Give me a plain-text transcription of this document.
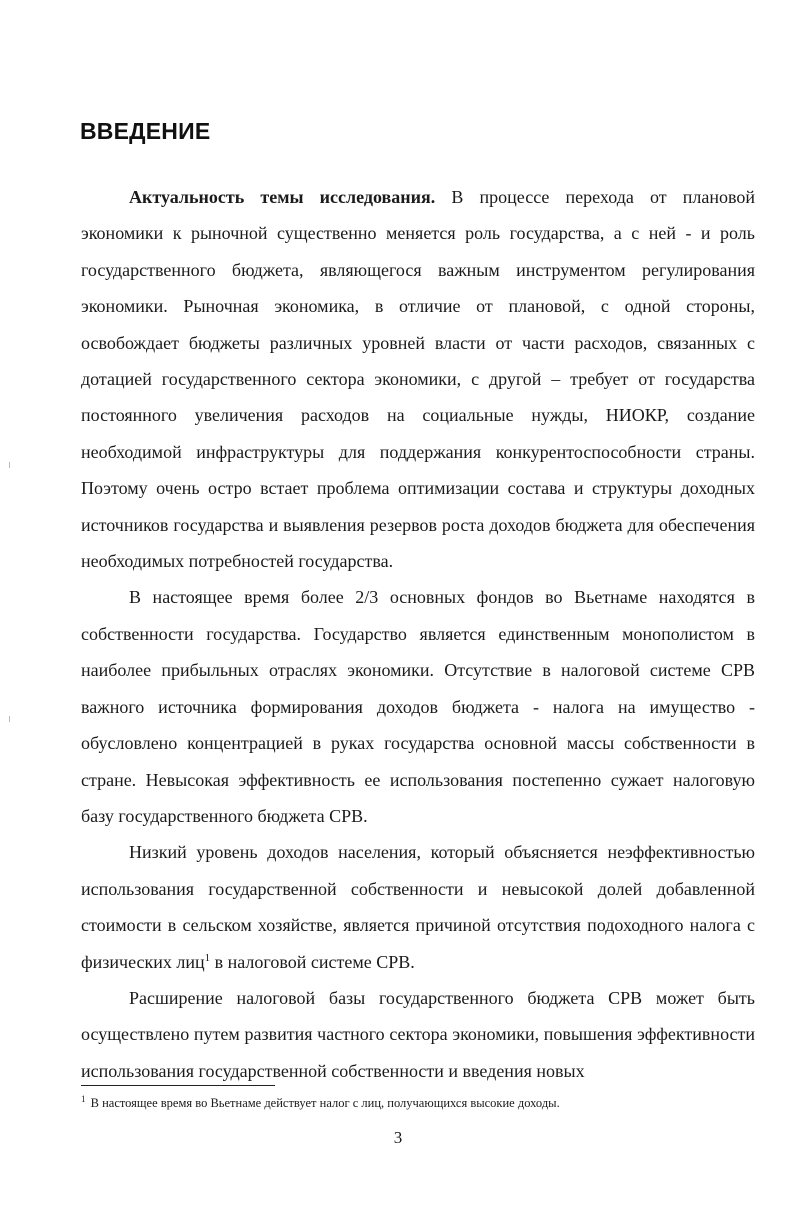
ВВЕДЕНИЕ

Актуальность темы исследования. В процессе перехода от плановой экономики к рыночной существенно меняется роль государства, а с ней - и роль государственного бюджета, являющегося важным инструментом регулирования экономики. Рыночная экономика, в отличие от плановой, с одной стороны, освобождает бюджеты различных уровней власти от части расходов, связанных с дотацией государственного сектора экономики, с другой – требует от государства постоянного увеличения расходов на социальные нужды, НИОКР, создание необходимой инфраструктуры для поддержания конкурентоспособности страны. Поэтому очень остро встает проблема оптимизации состава и структуры доходных источников государства и выявления резервов роста доходов бюджета для обеспечения необходимых потребностей государства.

В настоящее время более 2/3 основных фондов во Вьетнаме находятся в собственности государства. Государство является единственным монополистом в наиболее прибыльных отраслях экономики. Отсутствие в налоговой системе СРВ важного источника формирования доходов бюджета - налога на имущество - обусловлено концентрацией в руках государства основной массы собственности в стране. Невысокая эффективность ее использования постепенно сужает налоговую базу государственного бюджета СРВ.

Низкий уровень доходов населения, который объясняется неэффективностью использования государственной собственности и невысокой долей добавленной стоимости в сельском хозяйстве, является причиной отсутствия подоходного налога с физических лиц$^1$ в налоговой системе СРВ.

Расширение налоговой базы государственного бюджета СРВ может быть осуществлено путем развития частного сектора экономики, повышения эффективности использования государственной собственности и введения новых

$^1$ В настоящее время во Вьетнаме действует налог с лиц, получающихся высокие доходы.
3
